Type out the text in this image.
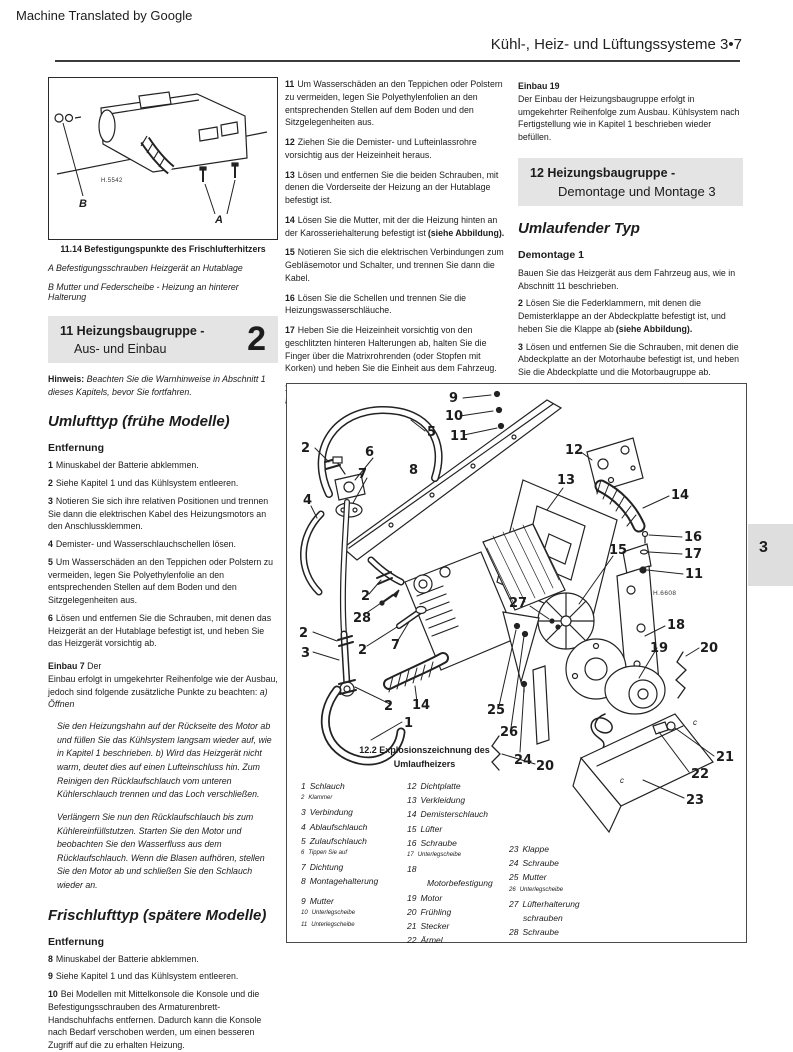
Machine Translated by Google
Kühl-, Heiz- und Lüftungssysteme 3•7
B
A
H.5542
11.14 Befestigungspunkte des Frischlufterhitzers
A Befestigungsschrauben Heizgerät an Hutablage
B Mutter und Federscheibe - Heizung an hinterer Halterung
11 Heizungsbaugruppe -
Aus- und Einbau	2

Hinweis: Beachten Sie die Warnhinweise in Abschnitt 1 dieses Kapitels, bevor Sie fortfahren.

Umlufttyp (frühe Modelle)
Entfernung

1 Minuskabel der Batterie abklemmen.

2 Siehe Kapitel 1 und das Kühlsystem entleeren.

3 Notieren Sie sich ihre relativen Positionen und trennen Sie dann die elektrischen Kabel des Heizungsmotors an den Anschlussklemmen.

4 Demister- und Wasserschlauchschellen lösen.

5 Um Wasserschäden an den Teppichen oder Polstern zu vermeiden, legen Sie Polyethylenfolie an den entsprechenden Stellen auf dem Boden und den Sitzgelegenheiten aus.

6 Lösen und entfernen Sie die Schrauben, mit denen das Heizgerät an der Hutablage befestigt ist, und heben Sie das Heizgerät vorsichtig ab.

Einbau 7 Der
Einbau erfolgt in umgekehrter Reihenfolge wie der Ausbau, jedoch sind folgende zusätzliche Punkte zu beachten: a) Öffnen

Sie den Heizungshahn auf der Rückseite des Motor ab und füllen Sie das Kühlsystem langsam wieder auf, wie in Kapitel 1 beschrieben. b) Wird das Heizgerät nicht warm, deutet dies auf einen Lufteinschluss hin. Zum Reinigen den Rücklaufschlauch vom unteren Kühlerschlauch trennen und das Loch verschließen.

Verlängern Sie nun den Rücklaufschlauch bis zum Kühlereinfüllstutzen. Starten Sie den Motor und beobachten Sie den Wasserfluss aus dem Rücklaufschlauch. Wenn die Blasen aufhören, stellen Sie den Motor ab und schließen Sie den Schlauch wieder an.

Frischlufttyp (spätere Modelle)
Entfernung

8 Minuskabel der Batterie abklemmen.

9 Siehe Kapitel 1 und das Kühlsystem entleeren.

10 Bei Modellen mit Mittelkonsole die Konsole und die Befestigungsschrauben des Armaturenbrett-Handschuhfachs entfernen. Dadurch kann die Konsole nach Bedarf verschoben werden, um einen besseren Zugriff auf die zu erhalten Heizung.

11 Um Wasserschäden an den Teppichen oder Polstern zu vermeiden, legen Sie Polyethylenfolien an den entsprechenden Stellen auf dem Boden und den Sitzgelegenheiten aus.

12 Ziehen Sie die Demister- und Lufteinlassrohre vorsichtig aus der Heizeinheit heraus.

13 Lösen und entfernen Sie die beiden Schrauben, mit denen die Vorderseite der Heizung an der Hutablage befestigt ist.

14 Lösen Sie die Mutter, mit der die Heizung hinten an der Karosseriehalterung befestigt ist (siehe Abbildung).

15 Notieren Sie sich die elektrischen Verbindungen zum Gebläsemotor und Schalter, und trennen Sie dann die Kabel.

16 Lösen Sie die Schellen und trennen Sie die Heizungswasserschläuche.

17 Heben Sie die Heizeinheit vorsichtig von den geschlitzten hinteren Halterungen ab, halten Sie die Finger über die Matrixrohrenden (oder Stopfen mit Korken) und heben Sie die Einheit aus dem Fahrzeug.

Einbau 19
Der Einbau der Heizungsbaugruppe erfolgt in umgekehrter Reihenfolge zum Ausbau. Kühlsystem nach Fertigstellung wie in Kapitel 1 beschrieben wieder befüllen.

12 Heizungsbaugruppe -
Demontage und Montage 3
Umlaufender Typ
Demontage 1

Bauen Sie das Heizgerät aus dem Fahrzeug aus, wie in Abschnitt 11 beschrieben.

2 Lösen Sie die Federklammern, mit denen die Demisterklappe an der Abdeckplatte befestigt ist, und heben Sie die Klappe ab (siehe Abbildung).

3 Lösen und entfernen Sie die Schrauben, mit denen die Abdeckplatte an der Motorhaube befestigt ist, und heben Sie die Abdeckplatte und die Motorbaugruppe ab.

9
10
11
5
2	6
7	8
4
12
13
14
16
17
11
15
27
18
19 20
2
28
2
3	2 7
2 14
1
25
26
24 20
21
22
23
H.6608
c
c
12.2 Explosionszeichnung des
Umlaufheizers

1 Schlauch

2 Klammer

3 Verbindung

4 Ablaufschlauch

5 Zulaufschlauch

6 Tippen Sie auf

7 Dichtung

8 Montagehalterung

9 Mutter

10 Unterlegscheibe

11 Unterlegscheibe

12 Dichtplatte

13 Verkleidung

14 Demisterschlauch

15 Lüfter

16 Schraube

17 Unterlegscheibe

18

Motorbefestigung

19 Motor

20 Frühling

21 Stecker

22 Ärmel

23 Klappe

24 Schraube

25 Mutter

26 Unterlegscheibe

27 Lüfterhalterung

schrauben

28 Schraube

3
